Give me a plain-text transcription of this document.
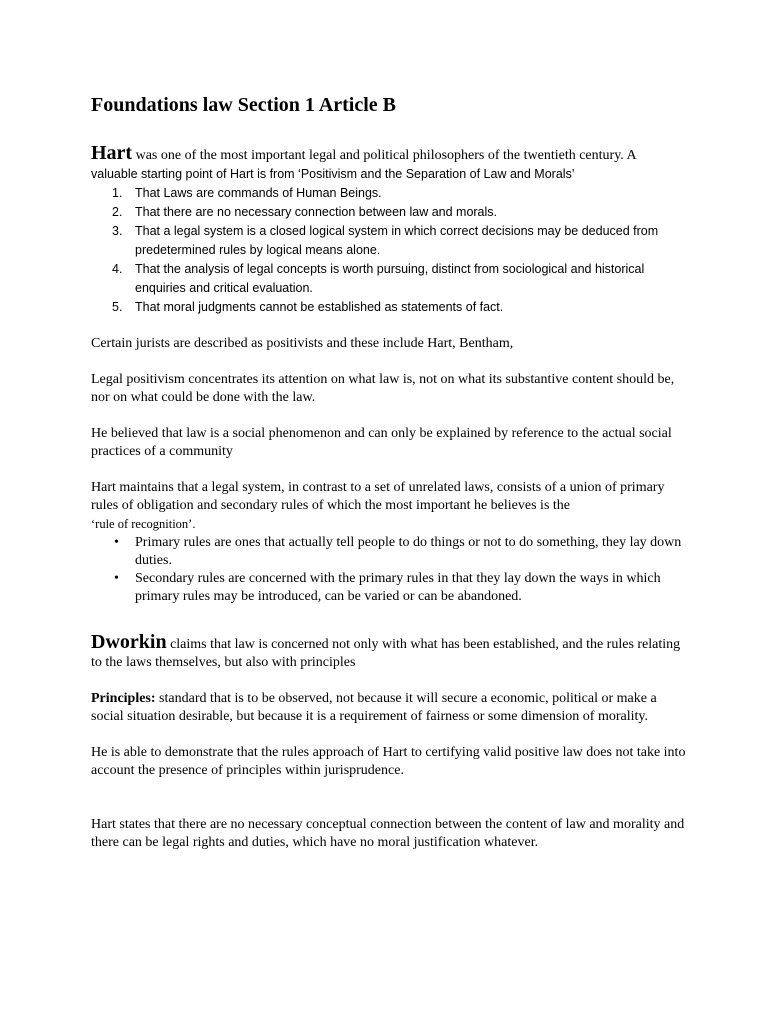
Foundations law Section 1 Article B

Hart was one of the most important legal and political philosophers of the twentieth century. A
valuable starting point of Hart is from ‘Positivism and the Separation of Law and Morals’

1. That Laws are commands of Human Beings.
2. That there are no necessary connection between law and morals.
3. That a legal system is a closed logical system in which correct decisions may be deduced from predetermined rules by logical means alone.
4. That the analysis of legal concepts is worth pursuing, distinct from sociological and historical enquiries and critical evaluation.
5. That moral judgments cannot be established as statements of fact.

Certain jurists are described as positivists and these include Hart, Bentham,

Legal positivism concentrates its attention on what law is, not on what its substantive content should be, nor on what could be done with the law.

He believed that law is a social phenomenon and can only be explained by reference to the actual social practices of a community

Hart maintains that a legal system, in contrast to a set of unrelated laws, consists of a union of primary rules of obligation and secondary rules of which the most important he believes is the
‘rule of recognition’.

• Primary rules are ones that actually tell people to do things or not to do something, they lay down duties.
• Secondary rules are concerned with the primary rules in that they lay down the ways in which primary rules may be introduced, can be varied or can be abandoned.

Dworkin claims that law is concerned not only with what has been established, and the rules relating to the laws themselves, but also with principles

Principles: standard that is to be observed, not because it will secure a economic, political or make a social situation desirable, but because it is a requirement of fairness or some dimension of morality.

He is able to demonstrate that the rules approach of Hart to certifying valid positive law does not take into account the presence of principles within jurisprudence.

Hart states that there are no necessary conceptual connection between the content of law and morality and there can be legal rights and duties, which have no moral justification whatever.
